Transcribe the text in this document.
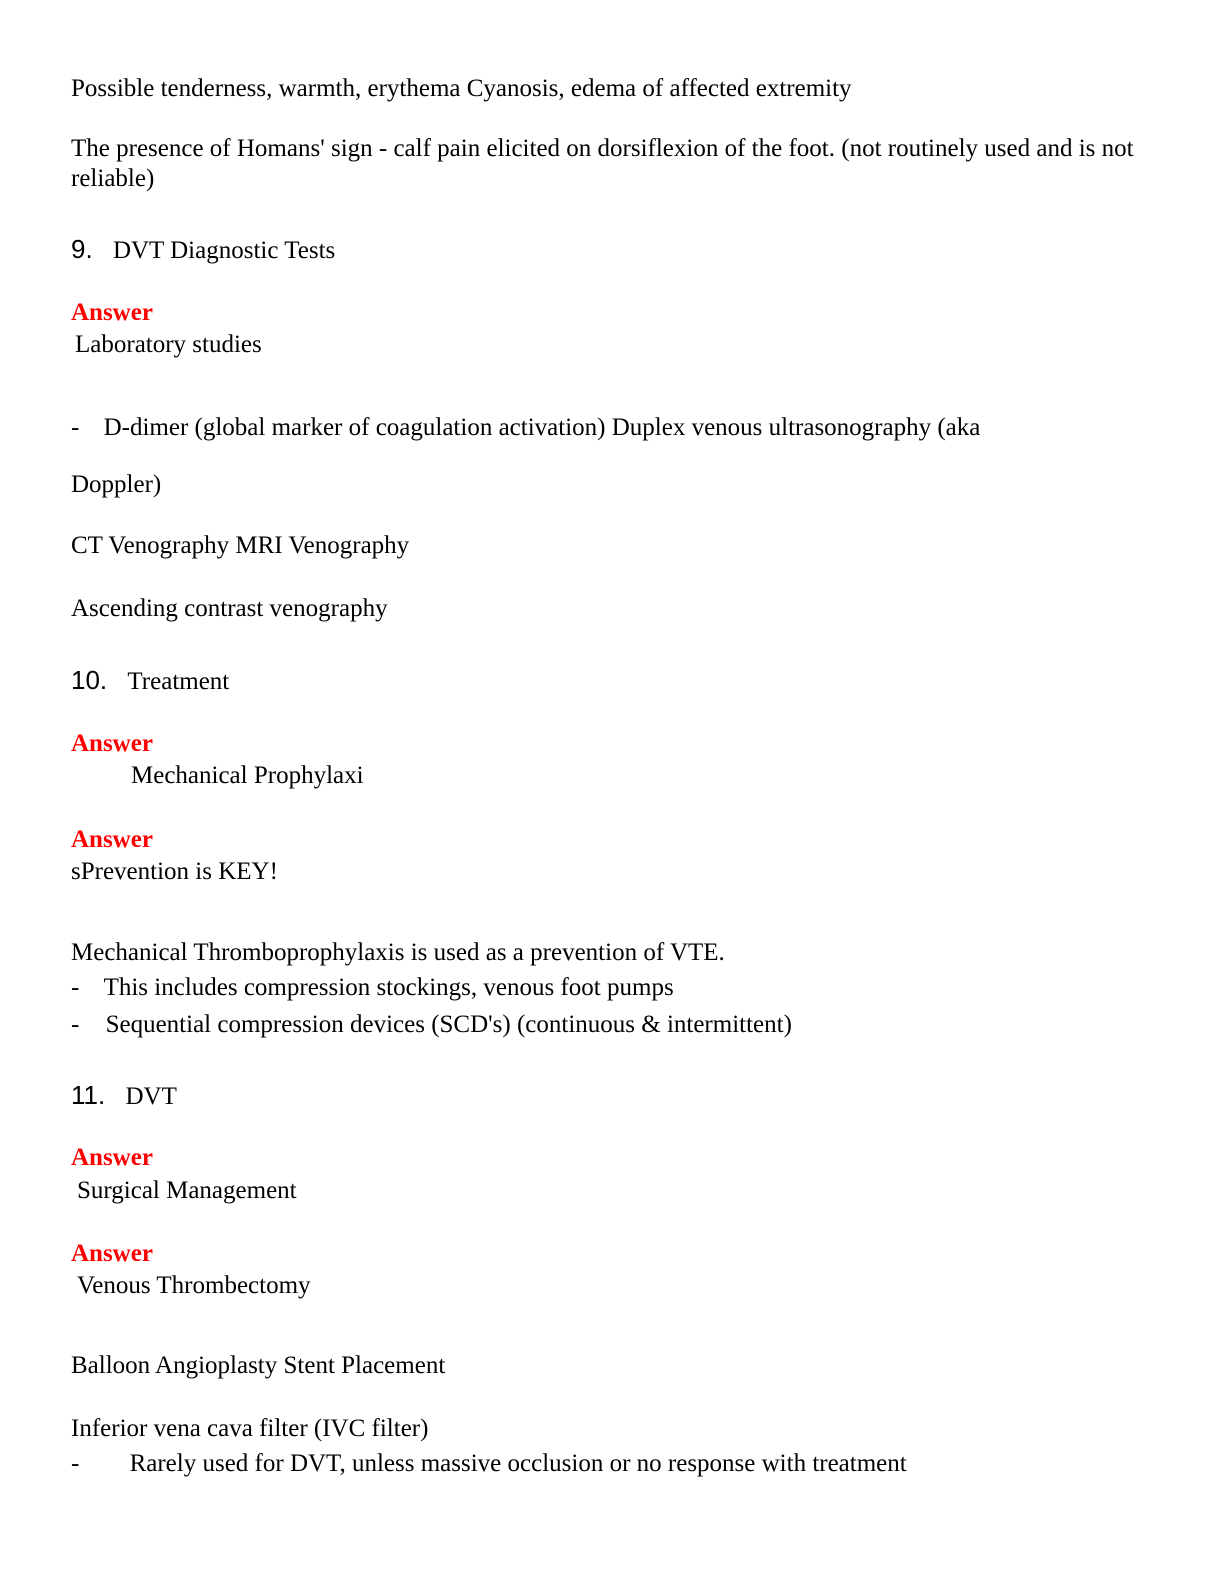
Possible tenderness, warmth, erythema Cyanosis, edema of affected extremity
The presence of Homans' sign - calf pain elicited on dorsiflexion of the foot. (not routinely used and is not reliable)
9. DVT Diagnostic Tests
Answer
Laboratory studies
- D-dimer (global marker of coagulation activation) Duplex venous ultrasonography (aka
Doppler)
CT Venography MRI Venography
Ascending contrast venography
10. Treatment
Answer
Mechanical Prophylaxi
Answer
sPrevention is KEY!
Mechanical Thromboprophylaxis is used as a prevention of VTE.
- This includes compression stockings, venous foot pumps
- Sequential compression devices (SCD's) (continuous & intermittent)
11. DVT
Answer
Surgical Management
Answer
Venous Thrombectomy
Balloon Angioplasty Stent Placement
Inferior vena cava filter (IVC filter)
- Rarely used for DVT, unless massive occlusion or no response with treatment
